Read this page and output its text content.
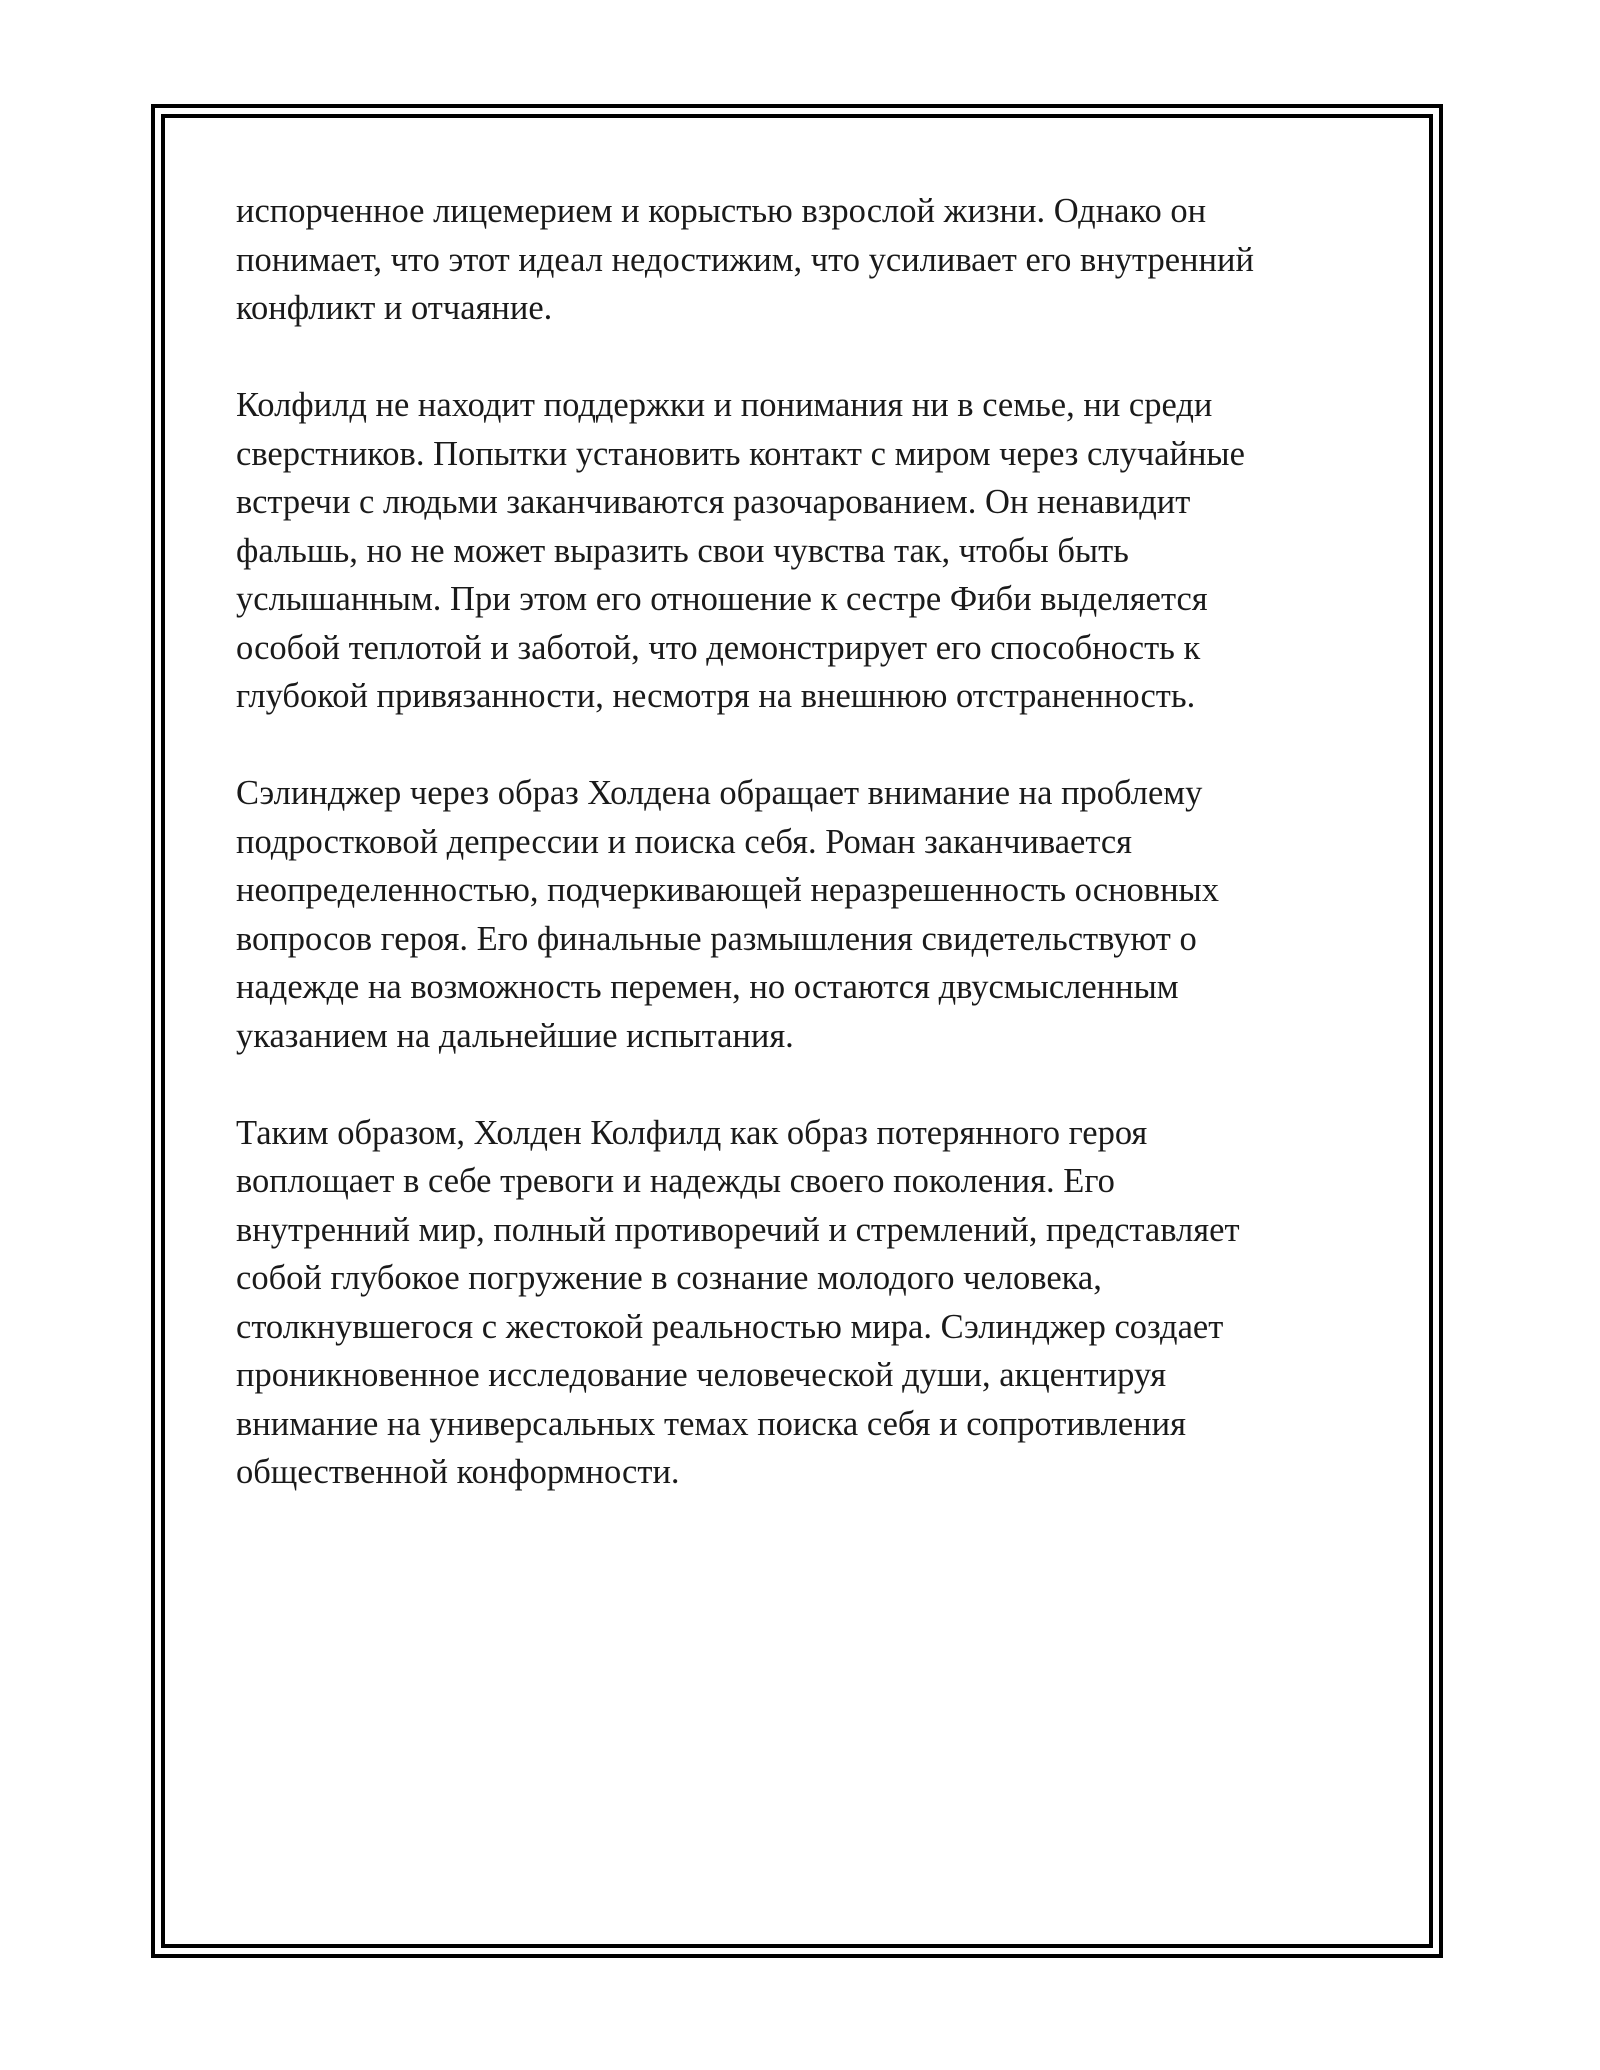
испорченное лицемерием и корыстью взрослой жизни. Однако он
понимает, что этот идеал недостижим, что усиливает его внутренний
конфликт и отчаяние.

Колфилд не находит поддержки и понимания ни в семье, ни среди
сверстников. Попытки установить контакт с миром через случайные
встречи с людьми заканчиваются разочарованием. Он ненавидит
фальшь, но не может выразить свои чувства так, чтобы быть
услышанным. При этом его отношение к сестре Фиби выделяется
особой теплотой и заботой, что демонстрирует его способность к
глубокой привязанности, несмотря на внешнюю отстраненность.

Сэлинджер через образ Холдена обращает внимание на проблему
подростковой депрессии и поиска себя. Роман заканчивается
неопределенностью, подчеркивающей неразрешенность основных
вопросов героя. Его финальные размышления свидетельствуют о
надежде на возможность перемен, но остаются двусмысленным
указанием на дальнейшие испытания.

Таким образом, Холден Колфилд как образ потерянного героя
воплощает в себе тревоги и надежды своего поколения. Его
внутренний мир, полный противоречий и стремлений, представляет
собой глубокое погружение в сознание молодого человека,
столкнувшегося с жестокой реальностью мира. Сэлинджер создает
проникновенное исследование человеческой души, акцентируя
внимание на универсальных темах поиска себя и сопротивления
общественной конформности.
